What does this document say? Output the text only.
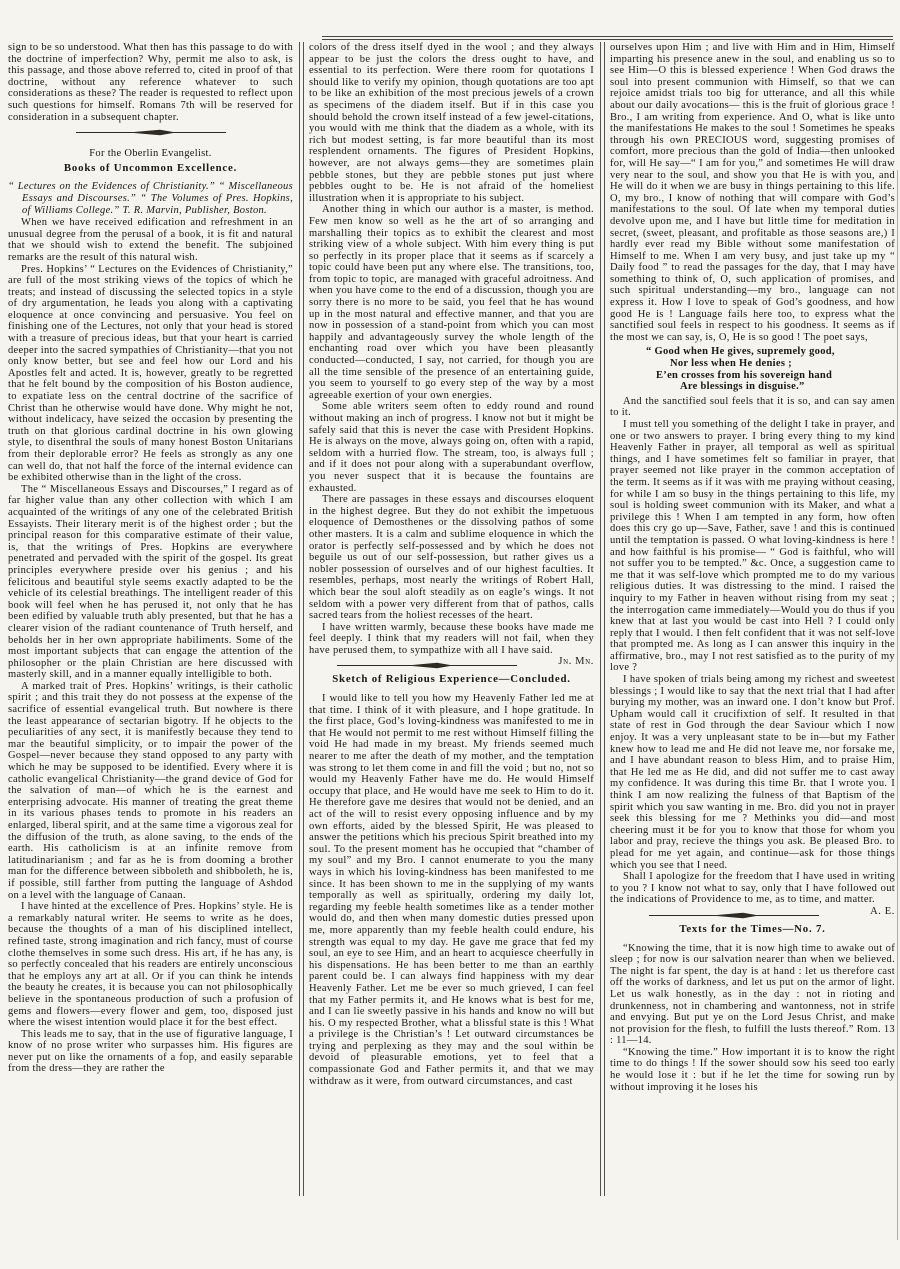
sign to be so understood. What then has this passage to do with the doctrine of imperfection? Why, permit me also to ask, is this passage, and those above referred to, cited in proof of that doctrine, without any reference whatever to such considerations as these? The reader is requested to reflect upon such questions for himself. Romans 7th will be reserved for consideration in a subsequent chapter.

For the Oberlin Evangelist.

Books of Uncommon Excellence.

“ Lectures on the Evidences of Christianity.” “ Miscellaneous Essays and Discourses.” “ The Volumes of Pres. Hopkins, of Williams College.” T. R. Marvin, Publisher, Boston.

When we have received edification and refreshment in an unusual degree from the perusal of a book, it is fit and natural that we should wish to extend the benefit. The subjoined remarks are the result of this natural wish.

Pres. Hopkins’ “ Lectures on the Evidences of Christianity,” are full of the most striking views of the topics of which he treats; and instead of discussing the selected topics in a style of dry argumentation, he leads you along with a captivating eloquence at once convincing and persuasive. You feel on finishing one of the Lectures, not only that your head is stored with a treasure of precious ideas, but that your heart is carried deeper into the sacred sympathies of Christianity—that you not only know better, but see and feel how our Lord and his Apostles felt and acted. It is, however, greatly to be regretted that he felt bound by the composition of his Boston audience, to expatiate less on the central doctrine of the sacrifice of Christ than he otherwise would have done. Why might he not, without indelicacy, have seized the occasion by presenting the truth on that glorious cardinal doctrine in his own glowing style, to disenthral the souls of many honest Boston Unitarians from their deplorable error? He feels as strongly as any one can well do, that not half the force of the internal evidence can be exhibited otherwise than in the light of the cross.

The “ Miscellaneous Essays and Discourses,” I regard as of far higher value than any other collection with which I am acquainted of the writings of any one of the celebrated British Essayists. Their literary merit is of the highest order ; but the principal reason for this comparative estimate of their value, is, that the writings of Pres. Hopkins are everywhere penetrated and pervaded with the spirit of the gospel. Its great principles everywhere preside over his genius ; and his felicitous and beautiful style seems exactly adapted to be the vehicle of its celestial breathings. The intelligent reader of this book will feel when he has perused it, not only that he has been edified by valuable truth ably presented, but that he has a clearer vision of the radiant countenance of Truth herself, and beholds her in her own appropriate habiliments. Some of the most important subjects that can engage the attention of the philosopher or the plain Christian are here discussed with masterly skill, and in a manner equally intelligible to both.

A marked trait of Pres. Hopkins’ writings, is their catholic spirit ; and this trait they do not possess at the expense of the sacrifice of essential evangelical truth. But nowhere is there the least appearance of sectarian bigotry. If he objects to the peculiarities of any sect, it is manifestly because they tend to mar the beautiful simplicity, or to impair the power of the Gospel—never because they stand opposed to any party with which he may be supposed to be identified. Every where it is catholic evangelical Christianity—the grand device of God for the salvation of man—of which he is the earnest and enterprising advocate. His manner of treating the great theme in its various phases tends to promote in his readers an enlarged, liberal spirit, and at the same time a vigorous zeal for the diffusion of the truth, as alone saving, to the ends of the earth. His catholicism is at an infinite remove from latitudinarianism ; and far as he is from dooming a brother man for the difference between sibboleth and shibboleth, he is, if possible, still farther from putting the language of Ashdod on a level with the language of Canaan.

I have hinted at the excellence of Pres. Hopkins’ style. He is a remarkably natural writer. He seems to write as he does, because the thoughts of a man of his disciplined intellect, refined taste, strong imagination and rich fancy, must of course clothe themselves in some such dress. His art, if he has any, is so perfectly concealed that his readers are entirely unconscious that he employs any art at all. Or if you can think he intends the beauty he creates, it is because you can not philosophically believe in the spontaneous production of such a profusion of gems and flowers—every flower and gem, too, disposed just where the wisest intention would place it for the best effect.

This leads me to say, that in the use of figurative language, I know of no prose writer who surpasses him. His figures are never put on like the ornaments of a fop, and easily separable from the dress—they are rather the

colors of the dress itself dyed in the wool ; and they always appear to be just the colors the dress ought to have, and essential to its perfection. Were there room for quotations I should like to verify my opinion, though quotations are too apt to be like an exhibition of the most precious jewels of a crown as specimens of the diadem itself. But if in this case you should behold the crown itself instead of a few jewel-citations, you would with me think that the diadem as a whole, with its rich but modest setting, is far more beautiful than its most resplendent ornaments. The figures of President Hopkins, however, are not always gems—they are sometimes plain pebble stones, but they are pebble stones put just where pebbles ought to be. He is not afraid of the homeliest illustration when it is appropriate to his subject.

Another thing in which our author is a master, is method. Few men know so well as he the art of so arranging and marshalling their topics as to exhibit the clearest and most striking view of a whole subject. With him every thing is put so perfectly in its proper place that it seems as if scarcely a topic could have been put any where else. The transitions, too, from topic to topic, are managed with graceful adroitness. And when you have come to the end of a discussion, though you are sorry there is no more to be said, you feel that he has wound up in the most natural and effective manner, and that you are now in possession of a stand-point from which you can most happily and advantageously survey the whole length of the enchanting road over which you have been pleasantly conducted—conducted, I say, not carried, for though you are all the time sensible of the presence of an entertaining guide, you seem to yourself to go every step of the way by a most agreeable exertion of your own energies.

Some able writers seem often to eddy round and round without making an inch of progress. I know not but it might be safely said that this is never the case with President Hopkins. He is always on the move, always going on, often with a rapid, seldom with a hurried flow. The stream, too, is always full ; and if it does not pour along with a superabundant overflow, you never suspect that it is because the fountains are exhausted.

There are passages in these essays and discourses eloquent in the highest degree. But they do not exhibit the impetuous eloquence of Demosthenes or the dissolving pathos of some other masters. It is a calm and sublime eloquence in which the orator is perfectly self-possessed and by which he does not beguile us out of our self-possession, but rather gives us a nobler possession of ourselves and of our highest faculties. It resembles, perhaps, most nearly the writings of Robert Hall, which bear the soul aloft steadily as on eagle’s wings. It not seldom with a power very different from that of pathos, calls sacred tears from the holiest recesses of the heart.

I have written warmly, because these books have made me feel deeply. I think that my readers will not fail, when they have perused them, to sympathize with all I have said.
Jn. Mn.

Sketch of Religious Experience—Concluded.

I would like to tell you how my Heavenly Father led me at that time. I think of it with pleasure, and I hope gratitude. In the first place, God’s loving-kindness was manifested to me in that He would not permit to me rest without Himself filling the void He had made in my breast. My friends seemed much nearer to me after the death of my mother, and the temptation was strong to let them come in and fill the void ; but no, not so would my Heavenly Father have me do. He would Himself occupy that place, and He would have me seek to Him to do it. He therefore gave me desires that would not be denied, and an act of the will to resist every opposing influence and by my own efforts, aided by the blessed Spirit, He was pleased to answer the petitions which his precious Spirit breathed into my soul. To the present moment has he occupied that “chamber of my soul” and my Bro. I cannot enumerate to you the many ways in which his loving-kindness has been manifested to me since. It has been shown to me in the supplying of my wants temporally as well as spiritually, ordering my daily lot, regarding my feeble health sometimes like as a tender mother would do, and then when many domestic duties pressed upon me, more apparently than my feeble health could endure, his strength was equal to my day. He gave me grace that fed my soul, an eye to see Him, and an heart to acquiesce cheerfully in his dispensations. He has been better to me than an earthly parent could be. I can always find happiness with my dear Heavenly Father. Let me be ever so much grieved, I can feel that my Father permits it, and He knows what is best for me, and I can lie sweetly passive in his hands and know no will but his. O my respected Brother, what a blissful state is this ! What a privilege is the Christian’s ! Let outward circumstances be trying and perplexing as they may and the soul within be devoid of pleasurable emotions, yet to feel that a compassionate God and Father permits it, and that we may withdraw as it were, from outward circumstances, and cast

ourselves upon Him ; and live with Him and in Him, Himself imparting his presence anew in the soul, and enabling us so to see Him—O this is blessed experience ! When God draws the soul into present communion with Himself, so that we can rejoice amidst trials too big for utterance, and all this while about our daily avocations— this is the fruit of glorious grace ! Bro., I am writing from experience. And O, what is like unto the manifestations He makes to the soul ! Sometimes he speaks through his own PRECIOUS word, suggesting promises of comfort, more precious than the gold of India—then unlooked for, will He say—“ I am for you,” and sometimes He will draw very near to the soul, and show you that He is with you, and He will do it when we are busy in things pertaining to this life. O, my bro., I know of nothing that will compare with God’s manifestations to the soul. Of late when my temporal duties devolve upon me, and I have but little time for meditation in secret, (sweet, pleasant, and profitable as those seasons are,) I hardly ever read my Bible without some manifestation of Himself to me. When I am very busy, and just take up my “ Daily food ” to read the passages for the day, that I may have something to think of, O, such application of promises, and such spiritual understanding—my bro., language can not express it. How I love to speak of God’s goodness, and how good He is ! Language fails here too, to express what the sanctified soul feels in respect to his goodness. It seems as if the most we can say, is, O, He is so good ! The poet says,

“ Good when He gives, supremely good,
Nor less when He denies ;
E’en crosses from his sovereign hand
Are blessings in disguise.”

And the sanctified soul feels that it is so, and can say amen to it.

I must tell you something of the delight I take in prayer, and one or two answers to prayer. I bring every thing to my kind Heavenly Father in prayer, all temporal as well as spiritual things, and I have sometimes felt so familiar in prayer, that prayer seemed not like prayer in the common acceptation of the term. It seems as if it was with me praying without ceasing, for while I am so busy in the things pertaining to this life, my soul is holding sweet communion with its Maker, and what a privilege this ! When I am tempted in any form, how often does this cry go up—Save, Father, save ! and this is continued until the temptation is passed. O what loving-kindness is here ! and how faithful is his promise— “ God is faithful, who will not suffer you to be tempted.” &c. Once, a suggestion came to me that it was self-love which prompted me to do my various religious duties. It was distressing to the mind. I raised the inquiry to my Father in heaven without rising from my seat ; the interrogation came immediately—Would you do thus if you knew that at last you would be cast into Hell ? I could only reply that I would. I then felt confident that it was not self-love that prompted me. As long as I can answer this inquiry in the affirmative, bro., may I not rest satisfied as to the purity of my love ?

I have spoken of trials being among my richest and sweetest blessings ; I would like to say that the next trial that I had after burying my mother, was an inward one. I don’t know but Prof. Upham would call it crucifixtion of self. It resulted in that state of rest in God through the dear Saviour which I now enjoy. It was a very unpleasant state to be in—but my Father knew how to lead me and He did not leave me, nor forsake me, and I have abundant reason to bless Him, and to praise Him, that He led me as He did, and did not suffer me to cast away my confidence. It was during this time Br. that I wrote you. I think I am now realizing the fulness of that Baptism of the spirit which you saw wanting in me. Bro. did you not in prayer seek this blessing for me ? Methinks you did—and most cheering must it be for you to know that those for whom you labor and pray, recieve the things you ask. Be pleased Bro. to plead for me yet again, and continue—ask for those things which you see that I need.

Shall I apologize for the freedom that I have used in writing to you ? I know not what to say, only that I have followed out the indications of Providence to me, as to time, and matter.
A. E.

Texts for the Times—No. 7.

“Knowing the time, that it is now high time to awake out of sleep ; for now is our salvation nearer than when we believed. The night is far spent, the day is at hand : let us therefore cast off the works of darkness, and let us put on the armor of light. Let us walk honestly, as in the day : not in rioting and drunkenness, not in chambering and wantonness, not in strife and envying. But put ye on the Lord Jesus Christ, and make not provision for the flesh, to fulfill the lusts thereof.” Rom. 13 : 11—14.

“Knowing the time.” How important it is to know the right time to do things ! If the sower should sow his seed too early he would lose it : but if he let the time for sowing run by without improving it he loses his
